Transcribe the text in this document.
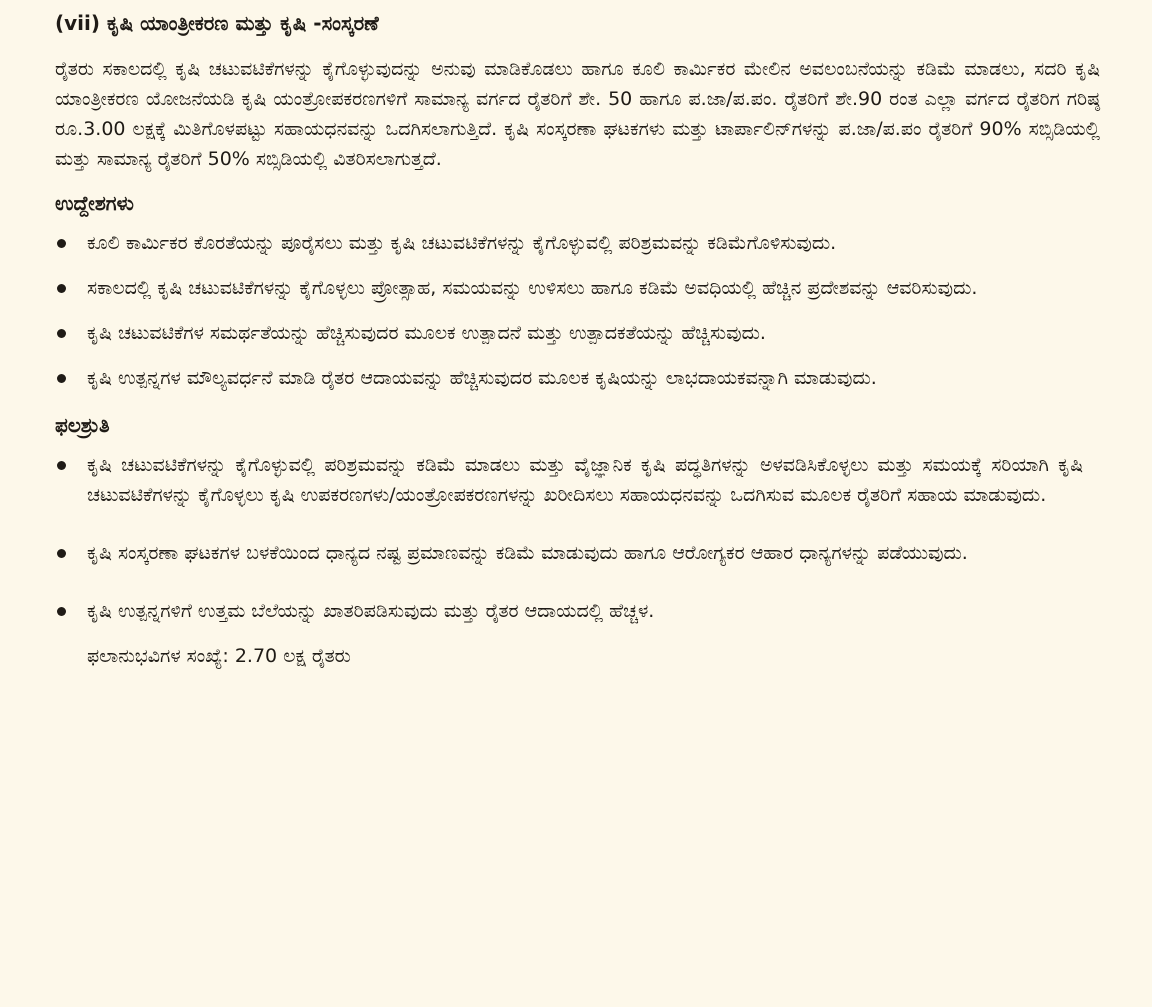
(vii) ಕೃಷಿ ಯಾಂತ್ರೀಕರಣ ಮತ್ತು ಕೃಷಿ -ಸಂಸ್ಕರಣೆ

ರೈತರು ಸಕಾಲದಲ್ಲಿ ಕೃಷಿ ಚಟುವಟಿಕೆಗಳನ್ನು ಕೈಗೊಳ್ಳುವುದನ್ನು ಅನುವು ಮಾಡಿಕೊಡಲು ಹಾಗೂ ಕೂಲಿ ಕಾರ್ಮಿಕರ ಮೇಲಿನ ಅವಲಂಬನೆಯನ್ನು ಕಡಿಮೆ ಮಾಡಲು, ಸದರಿ ಕೃಷಿ ಯಾಂತ್ರೀಕರಣ ಯೋಜನೆಯಡಿ ಕೃಷಿ ಯಂತ್ರೋಪಕರಣಗಳಿಗೆ ಸಾಮಾನ್ಯ ವರ್ಗದ ರೈತರಿಗೆ ಶೇ. 50 ಹಾಗೂ ಪ.ಜಾ/ಪ.ಪಂ. ರೈತರಿಗೆ ಶೇ.90 ರಂತ ಎಲ್ಲಾ ವರ್ಗದ ರೈತರಿಗ ಗರಿಷ್ಠ ರೂ.3.00 ಲಕ್ಷಕ್ಕೆ ಮಿತಿಗೊಳಪಟ್ಟು ಸಹಾಯಧನವನ್ನು ಒದಗಿಸಲಾಗುತ್ತಿದೆ. ಕೃಷಿ ಸಂಸ್ಕರಣಾ ಘಟಕಗಳು ಮತ್ತು ಟಾರ್ಪಾಲಿನ್‌ಗಳನ್ನು ಪ.ಜಾ/ಪ.ಪಂ ರೈತರಿಗೆ 90% ಸಬ್ಸಿಡಿಯಲ್ಲಿ ಮತ್ತು ಸಾಮಾನ್ಯ ರೈತರಿಗೆ 50% ಸಬ್ಸಿಡಿಯಲ್ಲಿ ವಿತರಿಸಲಾಗುತ್ತದೆ.

ಉದ್ದೇಶಗಳು
ಕೂಲಿ ಕಾರ್ಮಿಕರ ಕೊರತೆಯನ್ನು ಪೂರೈಸಲು ಮತ್ತು ಕೃಷಿ ಚಟುವಟಿಕೆಗಳನ್ನು ಕೈಗೊಳ್ಳುವಲ್ಲಿ ಪರಿಶ್ರಮವನ್ನು ಕಡಿಮೆಗೊಳಿಸುವುದು.
ಸಕಾಲದಲ್ಲಿ ಕೃಷಿ ಚಟುವಟಿಕೆಗಳನ್ನು ಕೈಗೊಳ್ಳಲು ಪ್ರೋತ್ಸಾಹ, ಸಮಯವನ್ನು ಉಳಿಸಲು ಹಾಗೂ ಕಡಿಮೆ ಅವಧಿಯಲ್ಲಿ ಹೆಚ್ಚಿನ ಪ್ರದೇಶವನ್ನು ಆವರಿಸುವುದು.
ಕೃಷಿ ಚಟುವಟಿಕೆಗಳ ಸಮರ್ಥತೆಯನ್ನು ಹೆಚ್ಚಿಸುವುದರ ಮೂಲಕ ಉತ್ಪಾದನೆ ಮತ್ತು ಉತ್ಪಾದಕತೆಯನ್ನು ಹೆಚ್ಚಿಸುವುದು.
ಕೃಷಿ ಉತ್ಪನ್ನಗಳ ಮೌಲ್ಯವರ್ಧನೆ ಮಾಡಿ ರೈತರ ಆದಾಯವನ್ನು ಹೆಚ್ಚಿಸುವುದರ ಮೂಲಕ ಕೃಷಿಯನ್ನು ಲಾಭದಾಯಕವನ್ನಾಗಿ ಮಾಡುವುದು.
ಫಲಶ್ರುತಿ
ಕೃಷಿ ಚಟುವಟಿಕೆಗಳನ್ನು ಕೈಗೊಳ್ಳುವಲ್ಲಿ ಪರಿಶ್ರಮವನ್ನು ಕಡಿಮೆ ಮಾಡಲು ಮತ್ತು ವೈಜ್ಞಾನಿಕ ಕೃಷಿ ಪದ್ಧತಿಗಳನ್ನು ಅಳವಡಿಸಿಕೊಳ್ಳಲು ಮತ್ತು ಸಮಯಕ್ಕೆ ಸರಿಯಾಗಿ ಕೃಷಿ ಚಟುವಟಿಕೆಗಳನ್ನು ಕೈಗೊಳ್ಳಲು ಕೃಷಿ ಉಪಕರಣಗಳು/ಯಂತ್ರೋಪಕರಣಗಳನ್ನು ಖರೀದಿಸಲು ಸಹಾಯಧನವನ್ನು ಒದಗಿಸುವ ಮೂಲಕ ರೈತರಿಗೆ ಸಹಾಯ ಮಾಡುವುದು.
ಕೃಷಿ ಸಂಸ್ಕರಣಾ ಘಟಕಗಳ ಬಳಕೆಯಿಂದ ಧಾನ್ಯದ ನಷ್ಟ ಪ್ರಮಾಣವನ್ನು ಕಡಿಮೆ ಮಾಡುವುದು ಹಾಗೂ ಆರೋಗ್ಯಕರ ಆಹಾರ ಧಾನ್ಯಗಳನ್ನು ಪಡೆಯುವುದು.
ಕೃಷಿ ಉತ್ಪನ್ನಗಳಿಗೆ ಉತ್ತಮ ಬೆಲೆಯನ್ನು ಖಾತರಿಪಡಿಸುವುದು ಮತ್ತು ರೈತರ ಆದಾಯದಲ್ಲಿ ಹೆಚ್ಚಳ.

ಫಲಾನುಭವಿಗಳ ಸಂಖ್ಯೆ: 2.70 ಲಕ್ಷ ರೈತರು
